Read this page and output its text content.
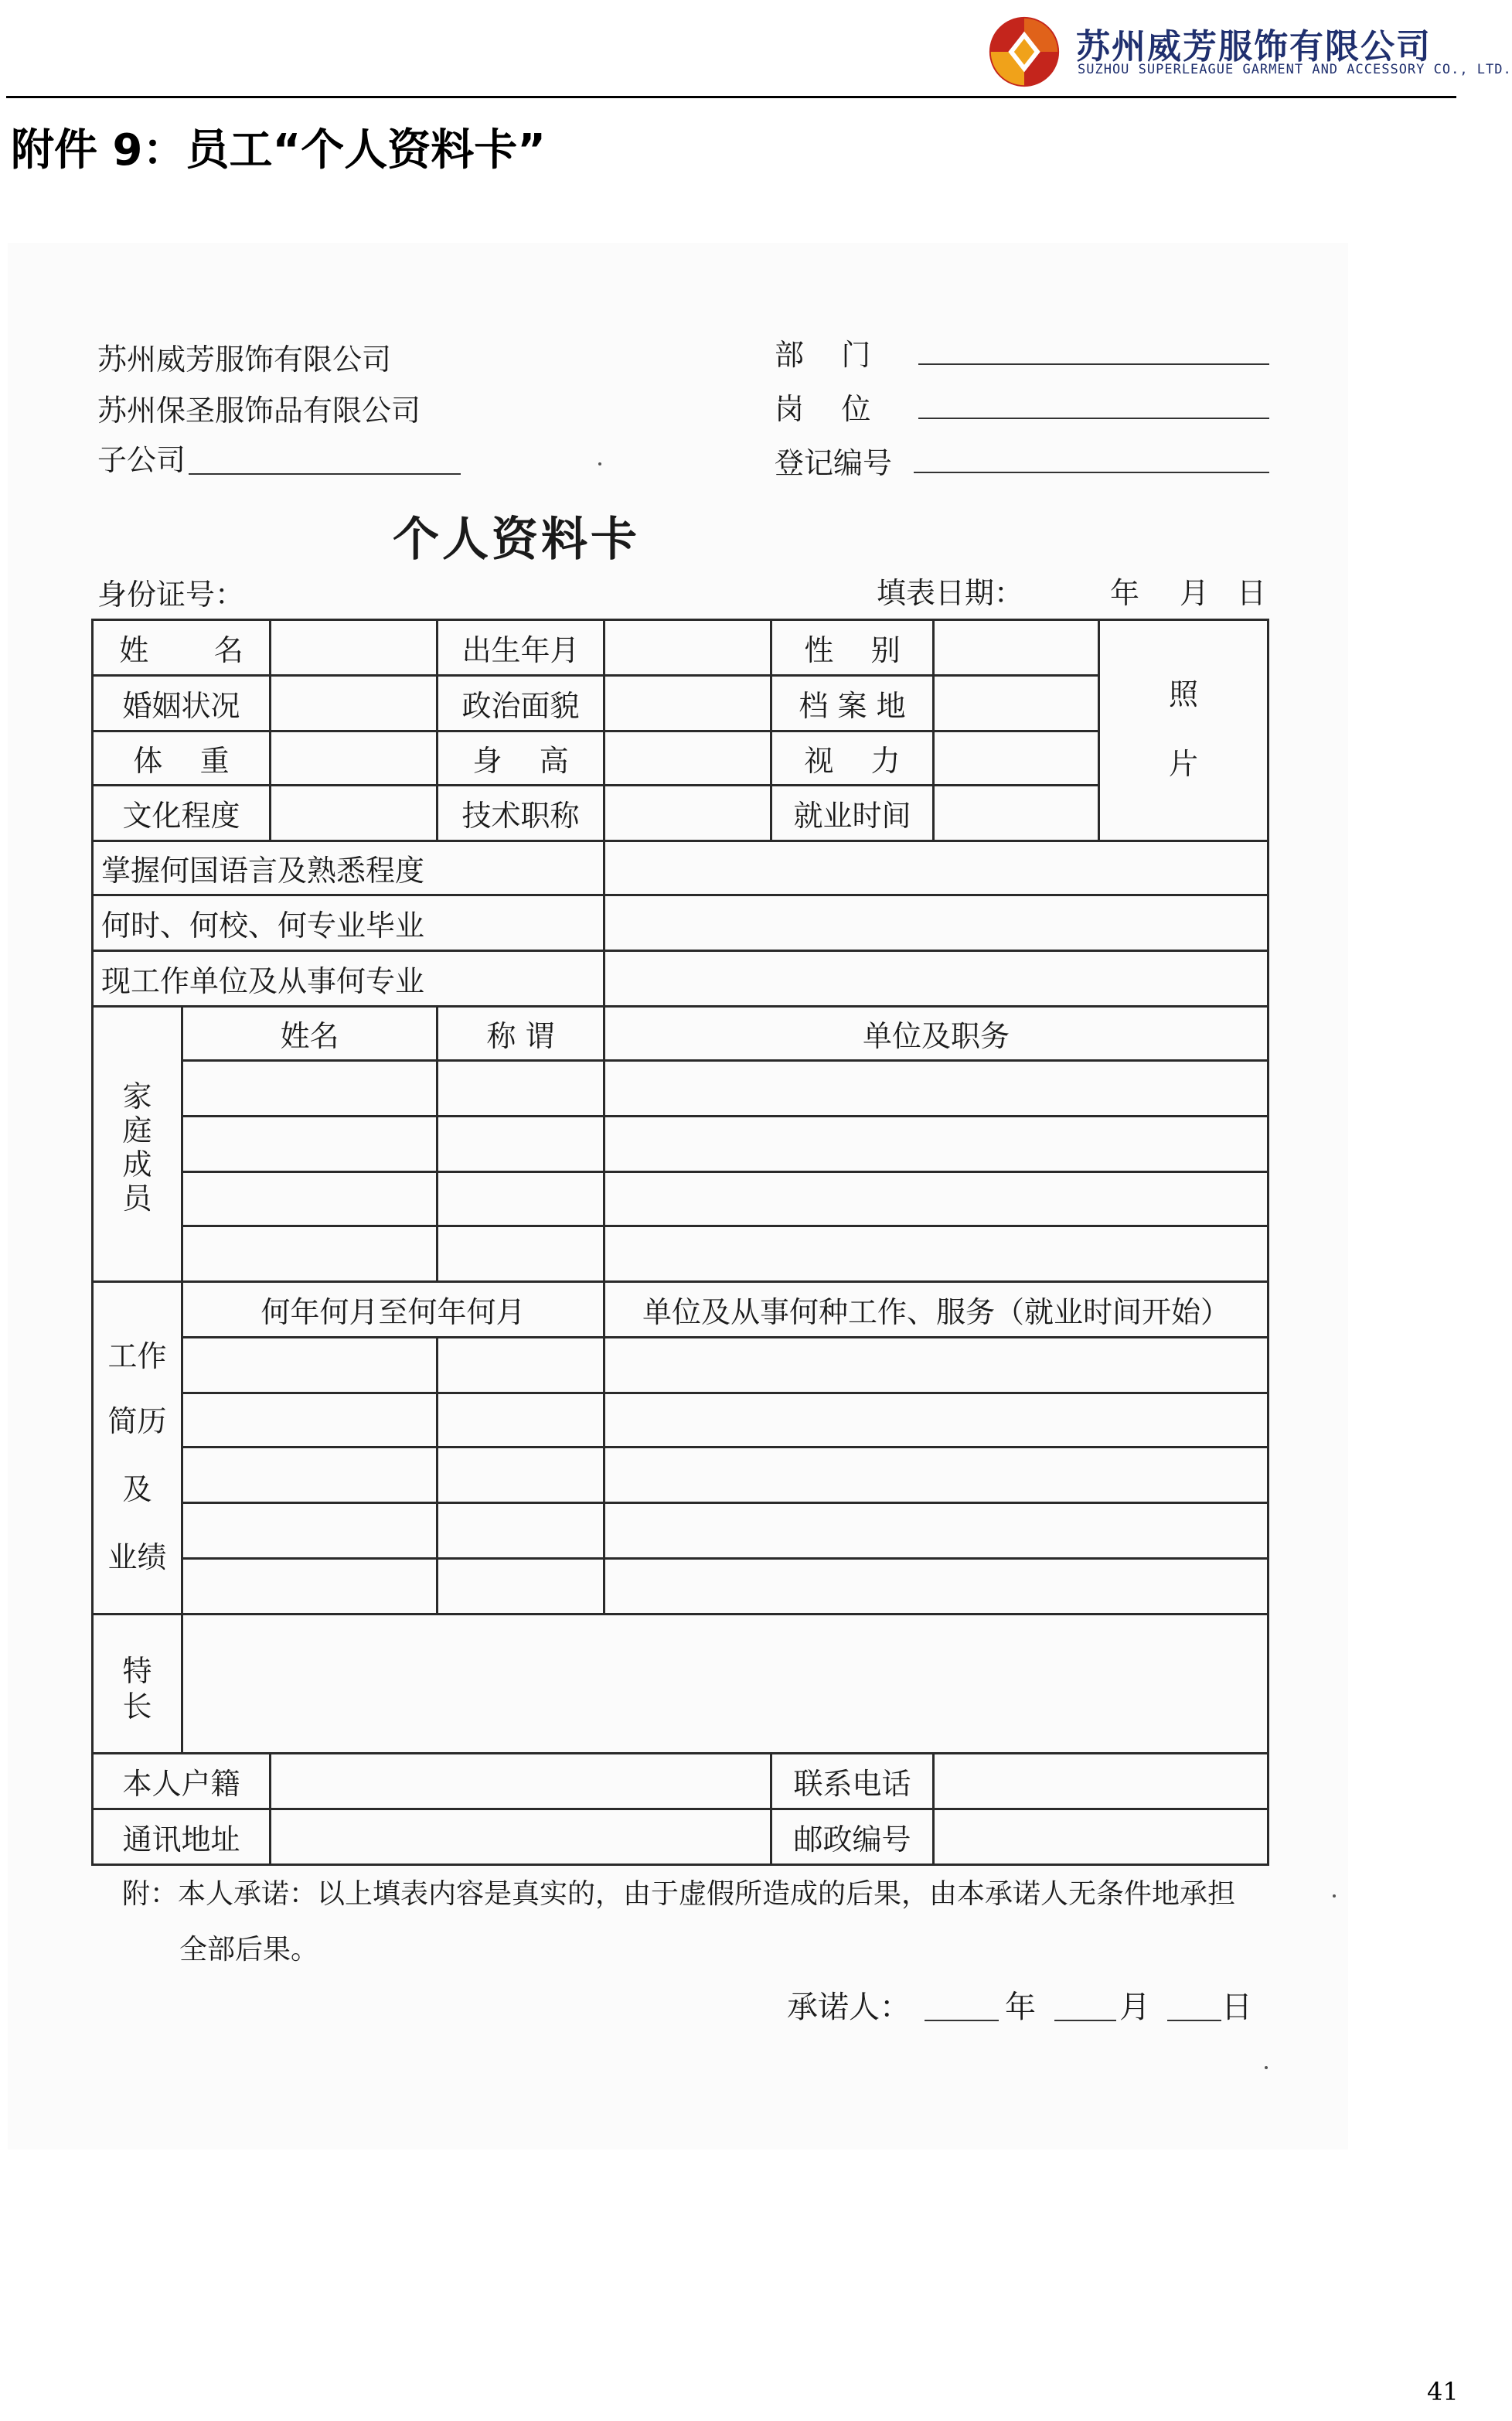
苏州威芳服饰有限公司
SUZHOU SUPERLEAGUE GARMENT AND ACCESSORY CO., LTD.
附件 9：员工“个人资料卡”
苏州威芳服饰有限公司
苏州保圣服饰品有限公司
子公司
部    门
岗    位
登记编号
个人资料卡
身份证号：	填表日期：	年 月 日
姓       名	出生年月	性    别
婚姻状况	政治面貌	档 案 地
体    重	身    高	视    力
文化程度	技术职称	就业时间
照
片
掌握何国语言及熟悉程度
何时、何校、何专业毕业
现工作单位及从事何专业
家
庭
成
员
姓名	称 谓	单位及职务
工作
简历
及
业绩
何年何月至何年何月	单位及从事何种工作、服务（就业时间开始）
特
长
本人户籍	联系电话
通讯地址	邮政编号
附：本人承诺：以上填表内容是真实的，由于虚假所造成的后果，由本承诺人无条件地承担
全部后果。
承诺人：	年	月 日
41
